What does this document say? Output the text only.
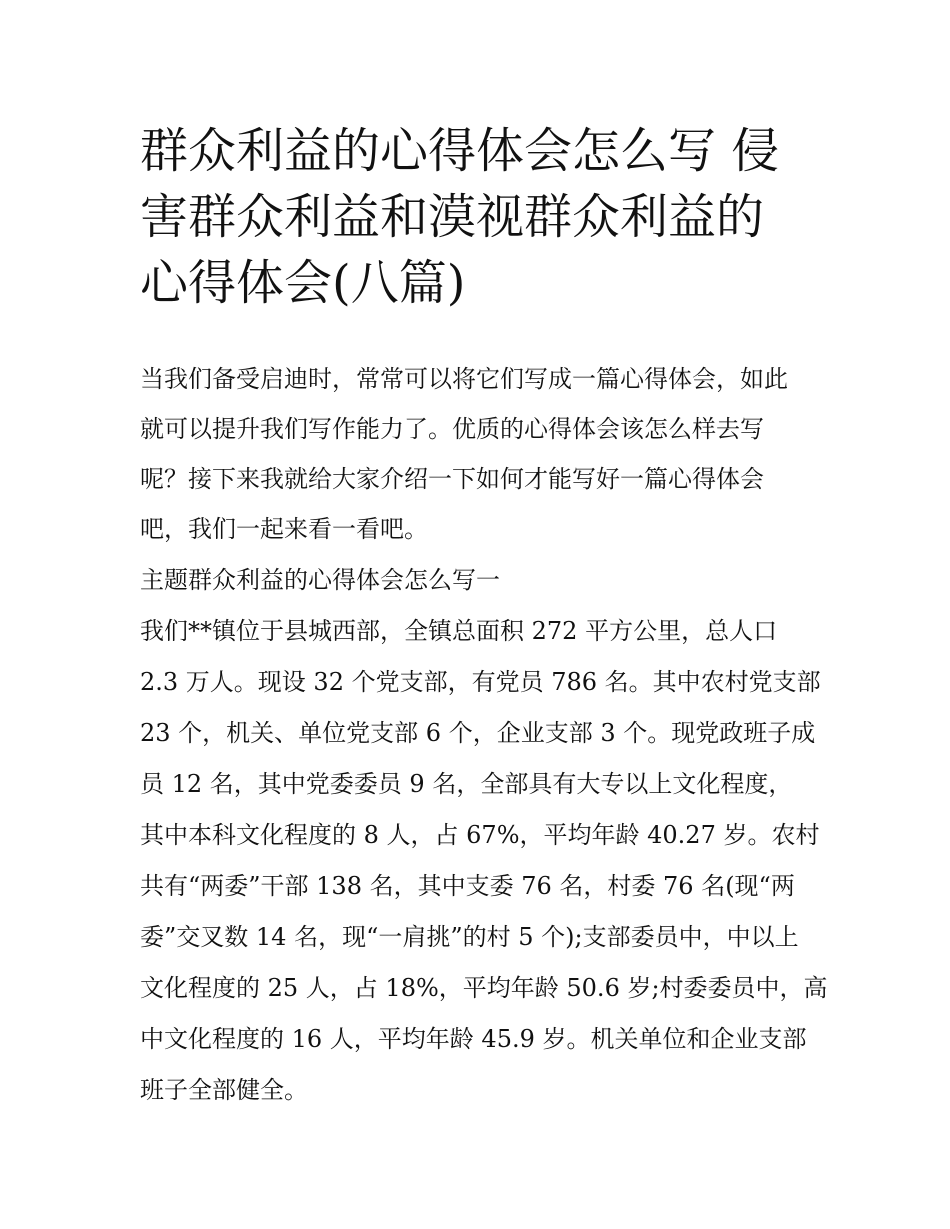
群众利益的心得体会怎么写 侵
害群众利益和漠视群众利益的
心得体会(八篇)

当我们备受启迪时，常常可以将它们写成一篇心得体会，如此

就可以提升我们写作能力了。优质的心得体会该怎么样去写

呢？接下来我就给大家介绍一下如何才能写好一篇心得体会

吧，我们一起来看一看吧。

主题群众利益的心得体会怎么写一

我们**镇位于县城西部，全镇总面积 272 平方公里，总人口

2.3 万人。现设 32 个党支部，有党员 786 名。其中农村党支部

23 个，机关、单位党支部 6 个，企业支部 3 个。现党政班子成

员 12 名，其中党委委员 9 名，全部具有大专以上文化程度，

其中本科文化程度的 8 人，占 67%，平均年龄 40.27 岁。农村

共有“两委”干部 138 名，其中支委 76 名，村委 76 名(现“两

委”交叉数 14 名，现“一肩挑”的村 5 个);支部委员中，中以上

文化程度的 25 人，占 18%，平均年龄 50.6 岁;村委委员中，高

中文化程度的 16 人，平均年龄 45.9 岁。机关单位和企业支部

班子全部健全。
